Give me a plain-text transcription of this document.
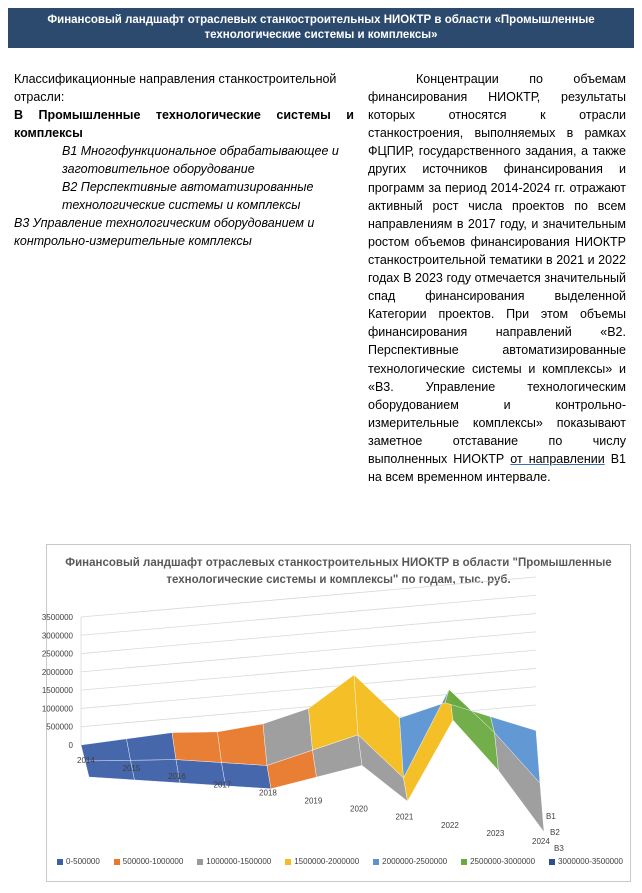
Финансовый ландшафт отраслевых станкостроительных НИОКТР в области «Промышленные технологические системы и комплексы»
Классификационные направления станкостроительной отрасли:
В Промышленные технологические системы и комплексы
В1 Многофункциональное обрабатывающее и заготовительное оборудование
В2 Перспективные автоматизированные технологические системы и комплексы
В3 Управление технологическим оборудованием и контрольно-измерительные комплексы
Концентрации по объемам финансирования НИОКТР, результаты которых относятся к отрасли станкостроения, выполняемых в рамках ФЦПИР, государственного задания, а также других источников финансирования и программ за период 2014-2024 гг. отражают активный рост числа проектов по всем направлениям в 2017 году, и значительным ростом объемов финансирования НИОКТР станкостроительной тематики в 2021 и 2022 годах В 2023 году отмечается значительный спад финансирования выделенной Категории проектов. При этом объемы финансирования направлений «В2. Перспективные автоматизированные технологические системы и комплексы» и «В3. Управление технологическим оборудованием и контрольно-измерительные комплексы» показывают заметное отставание по числу выполненных НИОКТР от направлении В1 на всем временном интервале.
Финансовый ландшафт отраслевых станкостроительных НИОКТР в области "Промышленные технологические системы и комплексы" по годам, тыс. руб.
0
500000
1000000
1500000
2000000
2500000
3000000
3500000
2014
2015
2016
2017
2018
2019
2020
2021
2022
2023
2024
В1
В2
В3
0-500000	500000-1000000	1000000-1500000	1500000-2000000	2000000-2500000	2500000-3000000	3000000-3500000
